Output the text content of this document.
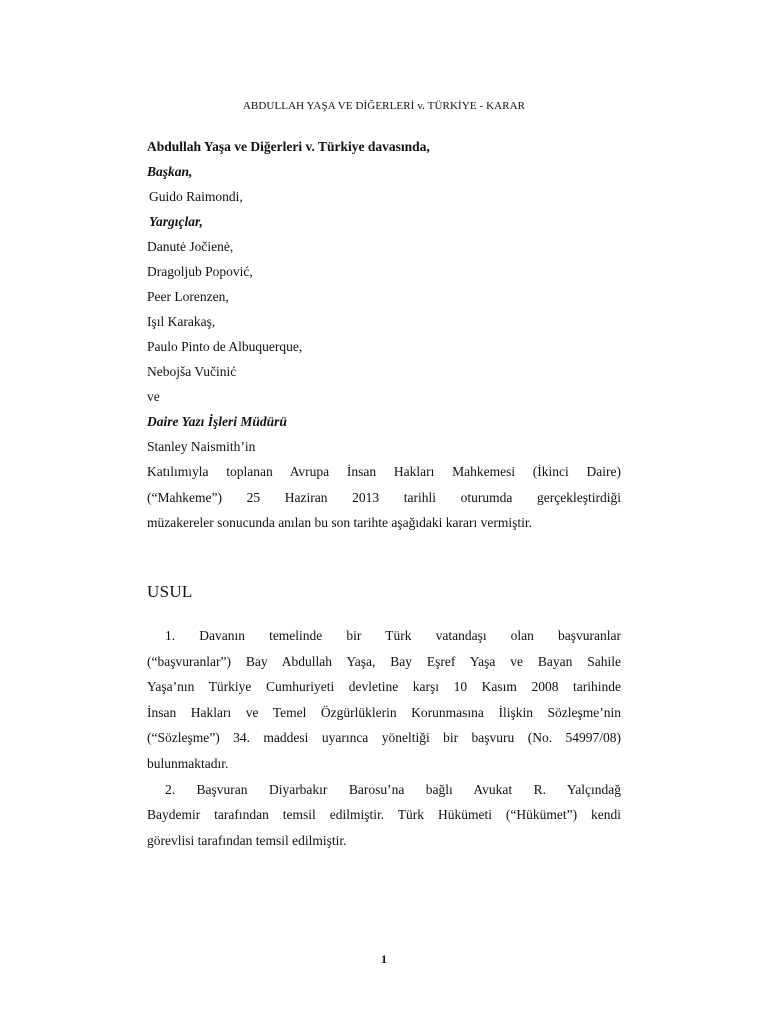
ABDULLAH YAŞA VE DİĞERLERİ v. TÜRKİYE - KARAR
Abdullah Yaşa ve Diğerleri v. Türkiye davasında,
Başkan,
Guido Raimondi,
Yargıçlar,
Danutė Jočienė,
Dragoljub Popović,
Peer Lorenzen,
Işıl Karakaş,
Paulo Pinto de Albuquerque,
Nebojša Vučinić
ve
Daire Yazı İşleri Müdürü
Stanley Naismith’in
Katılımıyla toplanan Avrupa İnsan Hakları Mahkemesi (İkinci Daire)
(“Mahkeme”) 25 Haziran 2013 tarihli oturumda gerçekleştirdiği
müzakereler sonucunda anılan bu son tarihte aşağıdaki kararı vermiştir.
USUL
1. Davanın temelinde bir Türk vatandaşı olan başvuranlar
(“başvuranlar”) Bay Abdullah Yaşa, Bay Eşref Yaşa ve Bayan Sahile
Yaşa’nın Türkiye Cumhuriyeti devletine karşı 10 Kasım 2008 tarihinde
İnsan Hakları ve Temel Özgürlüklerin Korunmasına İlişkin Sözleşme’nin
(“Sözleşme”) 34. maddesi uyarınca yöneltiği bir başvuru (No. 54997/08)
bulunmaktadır.
2. Başvuran Diyarbakır Barosu’na bağlı Avukat R. Yalçındağ
Baydemir tarafından temsil edilmiştir. Türk Hükümeti (“Hükümet”) kendi
görevlisi tarafından temsil edilmiştir.
1
